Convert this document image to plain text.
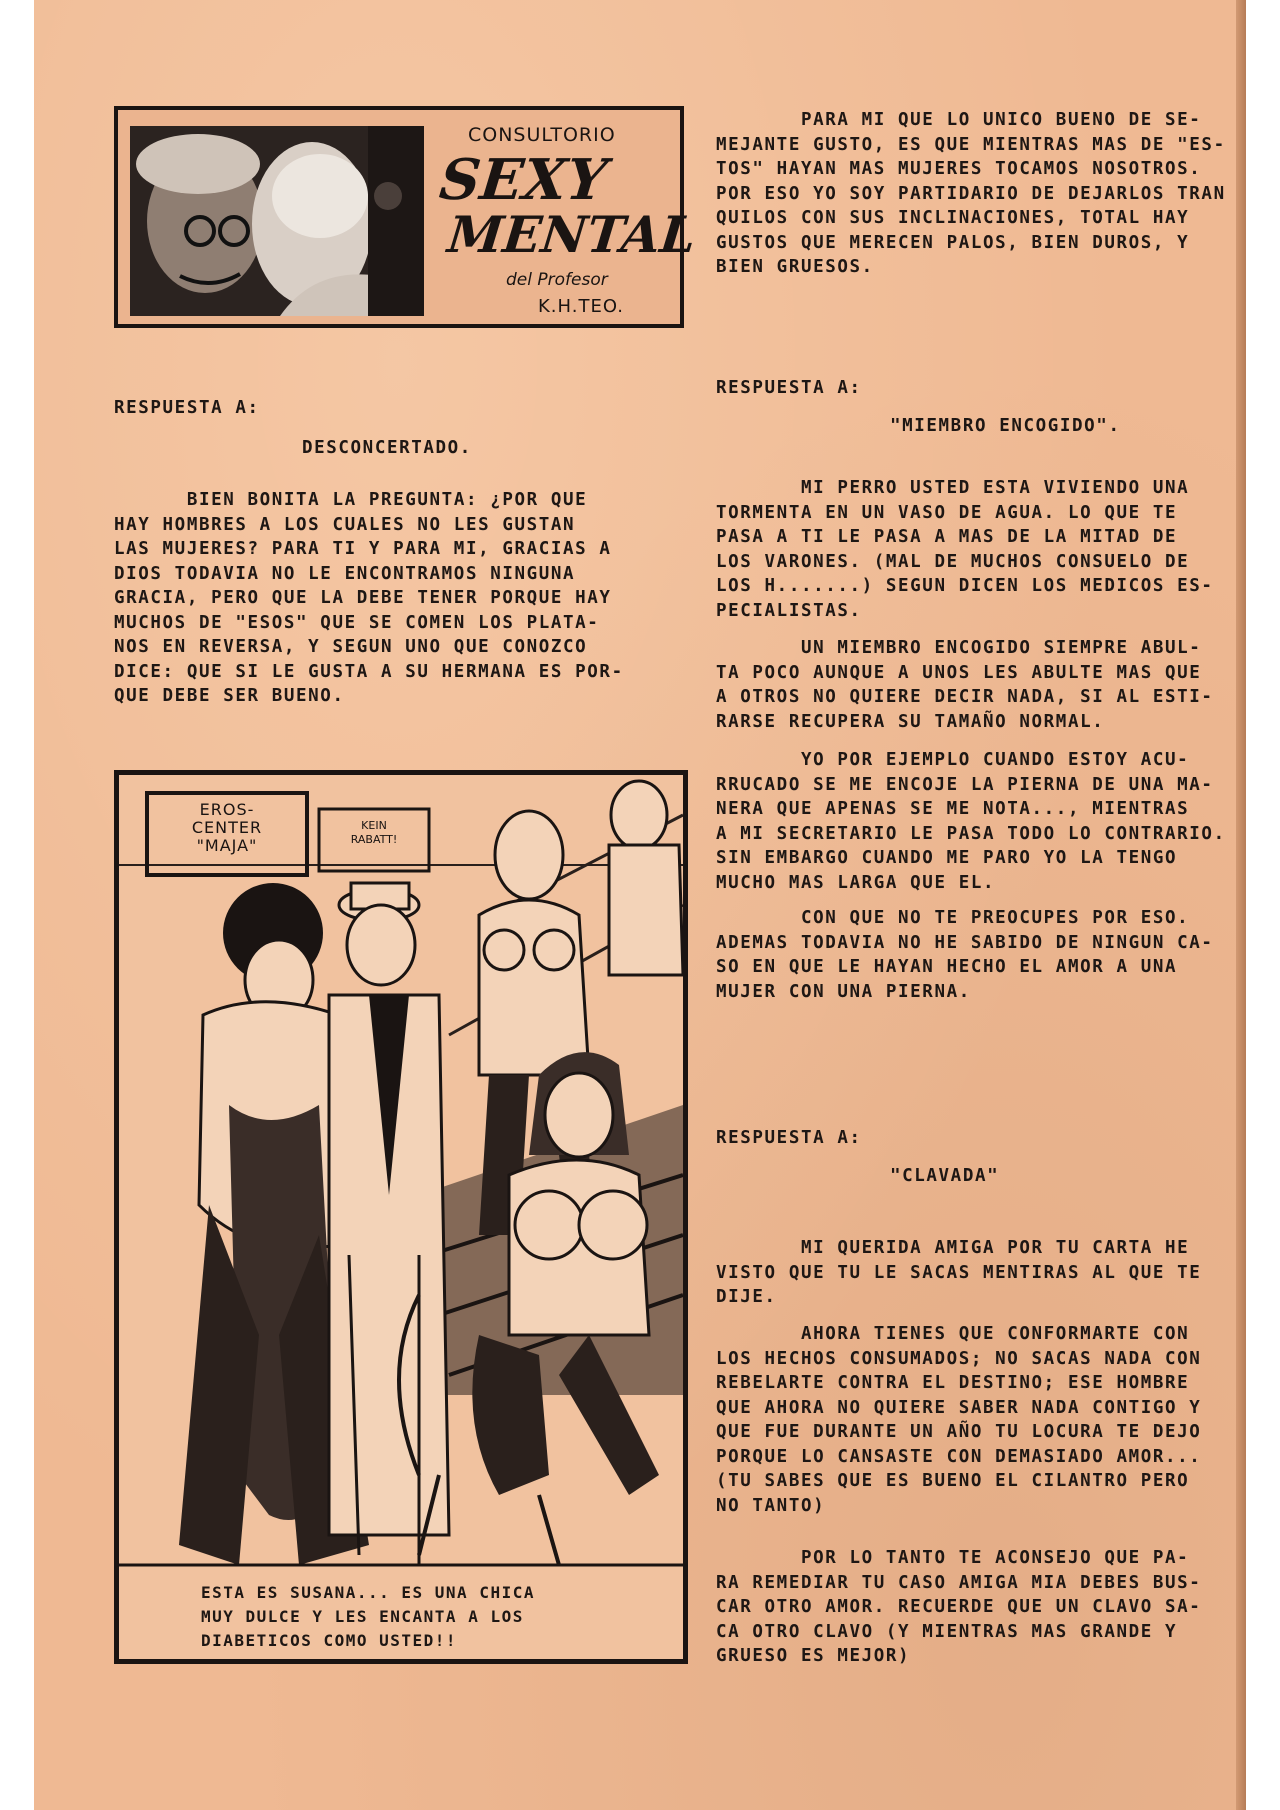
CONSULTORIO
SEXY
MENTAL
del Profesor
K.H.TEO.
RESPUESTA A:
DESCONCERTADO.
BIEN BONITA LA PREGUNTA: ¿POR QUE
HAY HOMBRES A LOS CUALES NO LES GUSTAN
LAS MUJERES? PARA TI Y PARA MI, GRACIAS A
DIOS TODAVIA NO LE ENCONTRAMOS NINGUNA
GRACIA, PERO QUE LA DEBE TENER PORQUE HAY
MUCHOS DE "ESOS" QUE SE COMEN LOS PLATA-
NOS EN REVERSA, Y SEGUN UNO QUE CONOZCO
DICE: QUE SI LE GUSTA A SU HERMANA ES POR-
QUE DEBE SER BUENO.
EROS-
CENTER
"MAJA"
KEIN
RABATT!
ESTA ES SUSANA... ES UNA CHICA
MUY DULCE Y LES ENCANTA A LOS
DIABETICOS COMO USTED!!
PARA MI QUE LO UNICO BUENO DE SE-
MEJANTE GUSTO, ES QUE MIENTRAS MAS DE "ES-
TOS" HAYAN MAS MUJERES TOCAMOS NOSOTROS.
POR ESO YO SOY PARTIDARIO DE DEJARLOS TRAN
QUILOS CON SUS INCLINACIONES, TOTAL HAY
GUSTOS QUE MERECEN PALOS, BIEN DUROS, Y
BIEN GRUESOS.
RESPUESTA A:
"MIEMBRO ENCOGIDO".
MI PERRO USTED ESTA VIVIENDO UNA
TORMENTA EN UN VASO DE AGUA. LO QUE TE
PASA A TI LE PASA A MAS DE LA MITAD DE
LOS VARONES. (MAL DE MUCHOS CONSUELO DE
LOS H.......) SEGUN DICEN LOS MEDICOS ES-
PECIALISTAS.
UN MIEMBRO ENCOGIDO SIEMPRE ABUL-
TA POCO AUNQUE A UNOS LES ABULTE MAS QUE
A OTROS NO QUIERE DECIR NADA, SI AL ESTI-
RARSE RECUPERA SU TAMAÑO NORMAL.
YO POR EJEMPLO CUANDO ESTOY ACU-
RRUCADO SE ME ENCOJE LA PIERNA DE UNA MA-
NERA QUE APENAS SE ME NOTA..., MIENTRAS
A MI SECRETARIO LE PASA TODO LO CONTRARIO.
SIN EMBARGO CUANDO ME PARO YO LA TENGO
MUCHO MAS LARGA QUE EL.
CON QUE NO TE PREOCUPES POR ESO.
ADEMAS TODAVIA NO HE SABIDO DE NINGUN CA-
SO EN QUE LE HAYAN HECHO EL AMOR A UNA
MUJER CON UNA PIERNA.
RESPUESTA A:
"CLAVADA"
MI QUERIDA AMIGA POR TU CARTA HE
VISTO QUE TU LE SACAS MENTIRAS AL QUE TE
DIJE.
AHORA TIENES QUE CONFORMARTE CON
LOS HECHOS CONSUMADOS; NO SACAS NADA CON
REBELARTE CONTRA EL DESTINO; ESE HOMBRE
QUE AHORA NO QUIERE SABER NADA CONTIGO Y
QUE FUE DURANTE UN AÑO TU LOCURA TE DEJO
PORQUE LO CANSASTE CON DEMASIADO AMOR...
(TU SABES QUE ES BUENO EL CILANTRO PERO
NO TANTO)
POR LO TANTO TE ACONSEJO QUE PA-
RA REMEDIAR TU CASO AMIGA MIA DEBES BUS-
CAR OTRO AMOR. RECUERDE QUE UN CLAVO SA-
CA OTRO CLAVO (Y MIENTRAS MAS GRANDE Y
GRUESO ES MEJOR)
